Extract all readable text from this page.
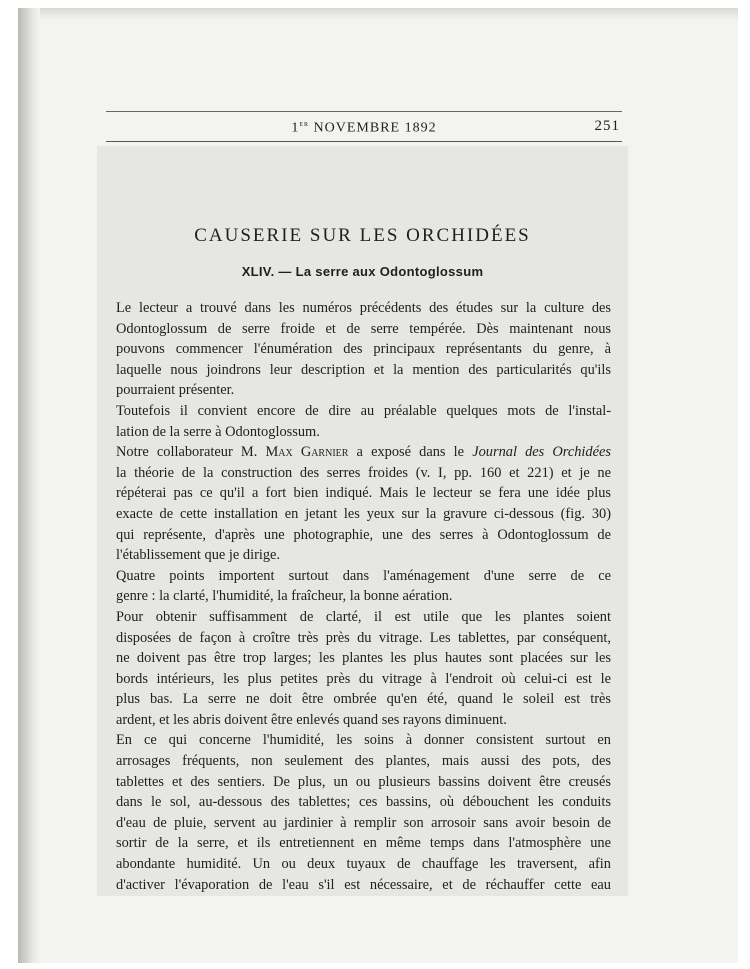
1er NOVEMBRE 1892	251
CAUSERIE SUR LES ORCHIDÉES
XLIV. — La serre aux Odontoglossum
Le lecteur a trouvé dans les numéros précédents des études sur la culture des
Odontoglossum de serre froide et de serre tempérée. Dès maintenant nous
pouvons commencer l'énumération des principaux représentants du genre, à
laquelle nous joindrons leur description et la mention des particularités qu'ils
pourraient présenter.
Toutefois il convient encore de dire au préalable quelques mots de l'instal-
lation de la serre à Odontoglossum.
Notre collaborateur M. Max Garnier a exposé dans le Journal des Orchidées
la théorie de la construction des serres froides (v. I, pp. 160 et 221) et je ne
répéterai pas ce qu'il a fort bien indiqué. Mais le lecteur se fera une idée plus
exacte de cette installation en jetant les yeux sur la gravure ci-dessous (fig. 30)
qui représente, d'après une photographie, une des serres à Odontoglossum de
l'établissement que je dirige.
Quatre points importent surtout dans l'aménagement d'une serre de ce
genre : la clarté, l'humidité, la fraîcheur, la bonne aération.
Pour obtenir suffisamment de clarté, il est utile que les plantes soient
disposées de façon à croître très près du vitrage. Les tablettes, par conséquent,
ne doivent pas être trop larges; les plantes les plus hautes sont placées sur les
bords intérieurs, les plus petites près du vitrage à l'endroit où celui-ci est le
plus bas. La serre ne doit être ombrée qu'en été, quand le soleil est très
ardent, et les abris doivent être enlevés quand ses rayons diminuent.
En ce qui concerne l'humidité, les soins à donner consistent surtout en
arrosages fréquents, non seulement des plantes, mais aussi des pots, des
tablettes et des sentiers. De plus, un ou plusieurs bassins doivent être creusés
dans le sol, au-dessous des tablettes; ces bassins, où débouchent les conduits
d'eau de pluie, servent au jardinier à remplir son arrosoir sans avoir besoin de
sortir de la serre, et ils entretiennent en même temps dans l'atmosphère une
abondante humidité. Un ou deux tuyaux de chauffage les traversent, afin
d'activer l'évaporation de l'eau s'il est nécessaire, et de réchauffer cette eau
